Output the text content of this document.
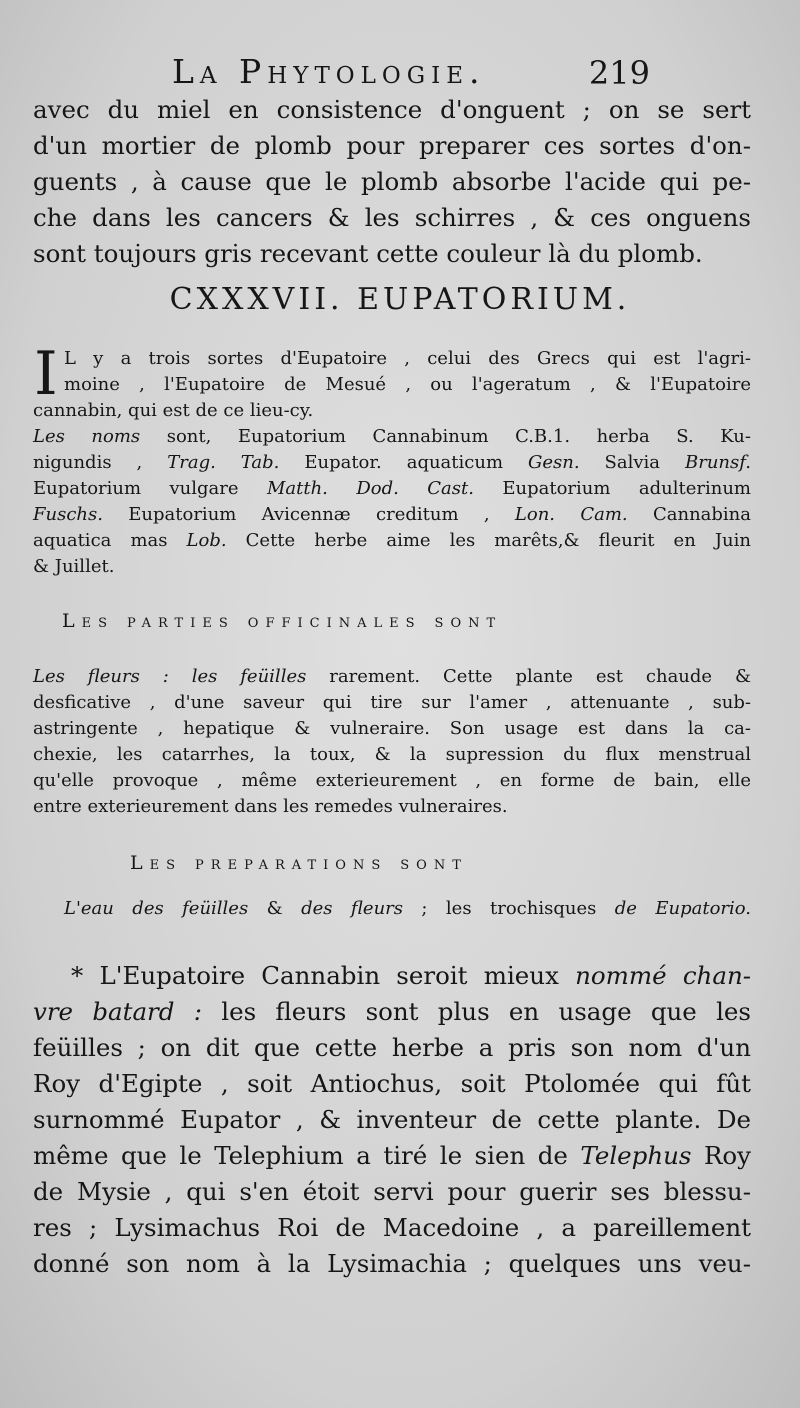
La Phytologie.	219
avec du miel en consistence d'onguent ; on se sert
d'un mortier de plomb pour preparer ces sortes d'on-
guents , à cause que le plomb absorbe l'acide qui pe-
che dans les cancers & les schirres , & ces onguens
sont toujours gris recevant cette couleur là du plomb.
CXXXVII. EUPATORIUM.
I L y a trois sortes d'Eupatoire , celui des Grecs qui est l'agri-
moine , l'Eupatoire de Mesué , ou l'ageratum , & l'Eupatoire
cannabin, qui est de ce lieu-cy.
Les noms sont, Eupatorium Cannabinum C.B.1. herba S. Ku-
nigundis , Trag. Tab. Eupator. aquaticum Gesn. Salvia Brunsf.
Eupatorium vulgare Matth. Dod. Cast. Eupatorium adulterinum
Fuschs. Eupatorium Avicennæ creditum , Lon. Cam. Cannabina
aquatica mas Lob. Cette herbe aime les marêts,& fleurit en Juin
& Juillet.
Les parties officinales sont
Les fleurs : les feüilles rarement. Cette plante est chaude &
desficative , d'une saveur qui tire sur l'amer , attenuante , sub-
astringente , hepatique & vulneraire. Son usage est dans la ca-
chexie, les catarrhes, la toux, & la supression du flux menstrual
qu'elle provoque , même exterieurement , en forme de bain, elle
entre exterieurement dans les remedes vulneraires.
Les preparations sont
L'eau des feüilles & des fleurs ; les trochisques de Eupatorio.
* L'Eupatoire Cannabin seroit mieux nommé chan-
vre batard : les fleurs sont plus en usage que les
feüilles ; on dit que cette herbe a pris son nom d'un
Roy d'Egipte , soit Antiochus, soit Ptolomée qui fût
surnommé Eupator , & inventeur de cette plante. De
même que le Telephium a tiré le sien de Telephus Roy
de Mysie , qui s'en étoit servi pour guerir ses blessu-
res ; Lysimachus Roi de Macedoine , a pareillement
donné son nom à la Lysimachia ; quelques uns veu-
